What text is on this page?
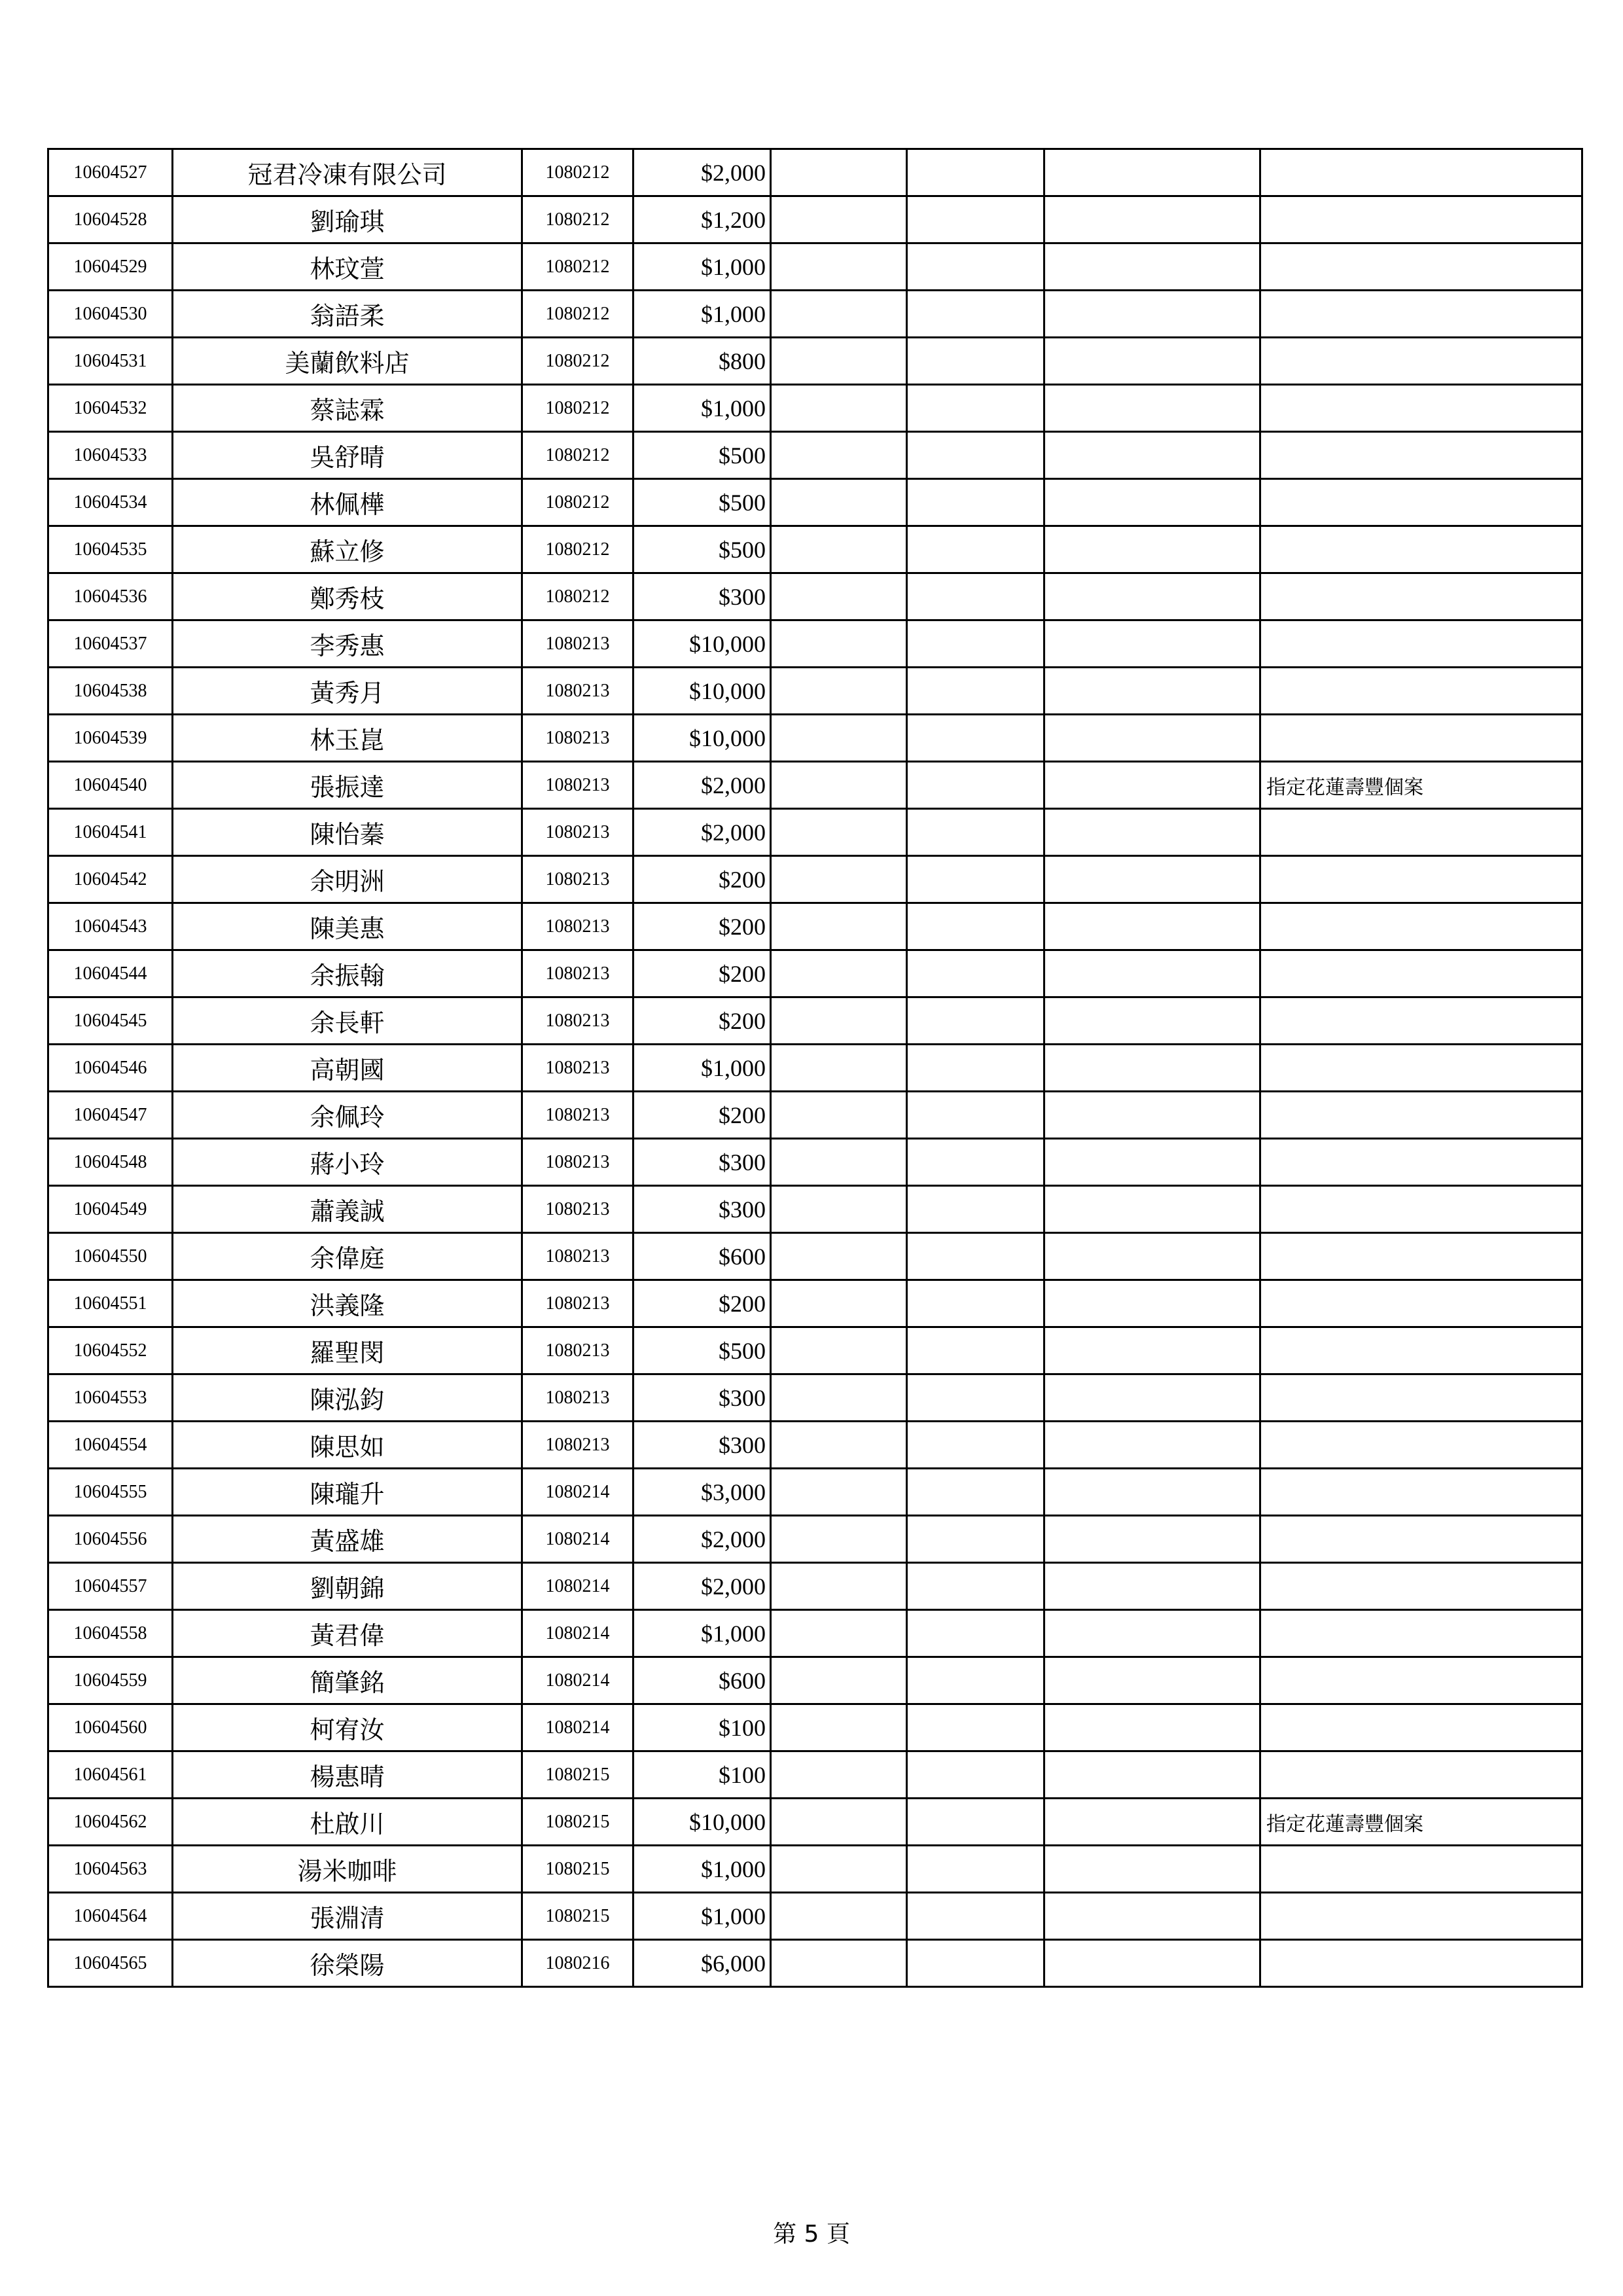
10604527	冠君冷凍有限公司	1080212	$2,000				
10604528	劉瑜琪	1080212	$1,200				
10604529	林玟萱	1080212	$1,000				
10604530	翁語柔	1080212	$1,000				
10604531	美蘭飲料店	1080212	$800				
10604532	蔡誌霖	1080212	$1,000				
10604533	吳舒晴	1080212	$500				
10604534	林佩樺	1080212	$500				
10604535	蘇立修	1080212	$500				
10604536	鄭秀枝	1080212	$300				
10604537	李秀惠	1080213	$10,000				
10604538	黃秀月	1080213	$10,000				
10604539	林玉崑	1080213	$10,000				
10604540	張振達	1080213	$2,000				指定花蓮壽豐個案
10604541	陳怡蓁	1080213	$2,000				
10604542	余明洲	1080213	$200				
10604543	陳美惠	1080213	$200				
10604544	余振翰	1080213	$200				
10604545	余長軒	1080213	$200				
10604546	高朝國	1080213	$1,000				
10604547	余佩玲	1080213	$200				
10604548	蔣小玲	1080213	$300				
10604549	蕭義誠	1080213	$300				
10604550	余偉庭	1080213	$600				
10604551	洪義隆	1080213	$200				
10604552	羅聖閔	1080213	$500				
10604553	陳泓鈞	1080213	$300				
10604554	陳思如	1080213	$300				
10604555	陳瓏升	1080214	$3,000				
10604556	黃盛雄	1080214	$2,000				
10604557	劉朝錦	1080214	$2,000				
10604558	黃君偉	1080214	$1,000				
10604559	簡肇銘	1080214	$600				
10604560	柯宥汝	1080214	$100				
10604561	楊惠晴	1080215	$100				
10604562	杜啟川	1080215	$10,000				指定花蓮壽豐個案
10604563	湯米咖啡	1080215	$1,000				
10604564	張淵清	1080215	$1,000				
10604565	徐榮陽	1080216	$6,000				
第 5 頁
